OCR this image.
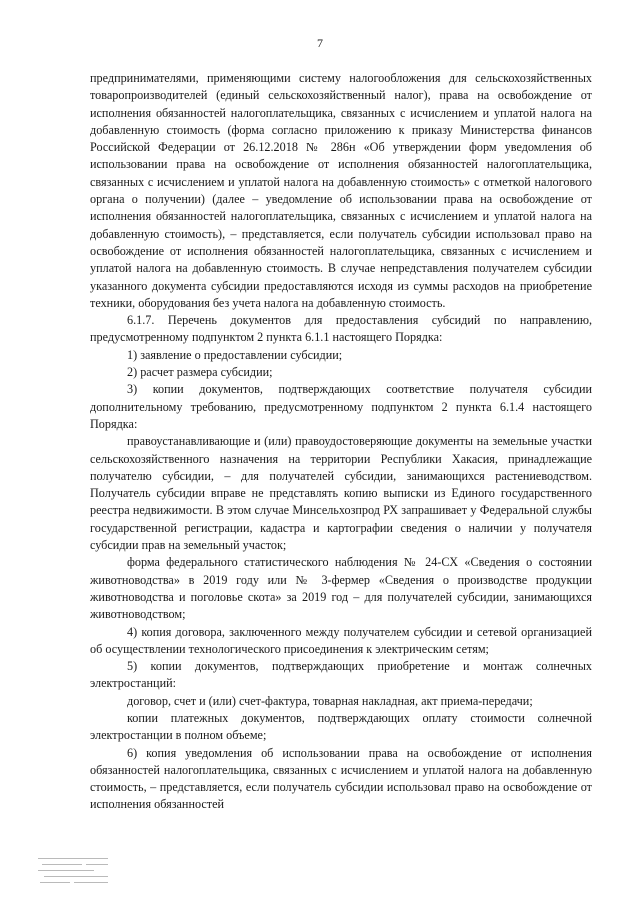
7

предпринимателями, применяющими систему налогообложения для сельскохозяйственных товаропроизводителей (единый сельскохозяйственный налог), права на освобождение от исполнения обязанностей налогоплательщика, связанных с исчислением и уплатой налога на добавленную стоимость (форма согласно приложению к приказу Министерства финансов Российской Федерации от 26.12.2018 № 286н «Об утверждении форм уведомления об использовании права на освобождение от исполнения обязанностей налогоплательщика, связанных с исчислением и уплатой налога на добавленную стоимость» с отметкой налогового органа о получении) (далее – уведомление об использовании права на освобождение от исполнения обязанностей налогоплательщика, связанных с исчислением и уплатой налога на добавленную стоимость), – представляется, если получатель субсидии использовал право на освобождение от исполнения обязанностей налогоплательщика, связанных с исчислением и уплатой налога на добавленную стоимость. В случае непредставления получателем субсидии указанного документа субсидии предоставляются исходя из суммы расходов на приобретение техники, оборудования без учета налога на добавленную стоимость.

6.1.7. Перечень документов для предоставления субсидий по направлению, предусмотренному подпунктом 2 пункта 6.1.1 настоящего Порядка:

1) заявление о предоставлении субсидии;

2) расчет размера субсидии;

3) копии документов, подтверждающих соответствие получателя субсидии дополнительному требованию, предусмотренному подпунктом 2 пункта 6.1.4 настоящего Порядка:

правоустанавливающие и (или) правоудостоверяющие документы на земельные участки сельскохозяйственного назначения на территории Республики Хакасия, принадлежащие получателю субсидии, – для получателей субсидии, занимающихся растениеводством. Получатель субсидии вправе не представлять копию выписки из Единого государственного реестра недвижимости. В этом случае Минсельхозпрод РХ запрашивает у Федеральной службы государственной регистрации, кадастра и картографии сведения о наличии у получателя субсидии прав на земельный участок;

форма федерального статистического наблюдения № 24-СХ «Сведения о состоянии животноводства» в 2019 году или № 3-фермер «Сведения о производстве продукции животноводства и поголовье скота» за 2019 год – для получателей субсидии, занимающихся животноводством;

4) копия договора, заключенного между получателем субсидии и сетевой организацией об осуществлении технологического присоединения к электрическим сетям;

5) копии документов, подтверждающих приобретение и монтаж солнечных электростанций:

договор, счет и (или) счет-фактура, товарная накладная, акт приема-передачи;

копии платежных документов, подтверждающих оплату стоимости солнечной электростанции в полном объеме;

6) копия уведомления об использовании права на освобождение от исполнения обязанностей налогоплательщика, связанных с исчислением и уплатой налога на добавленную стоимость, – представляется, если получатель субсидии использовал право на освобождение от исполнения обязанностей
